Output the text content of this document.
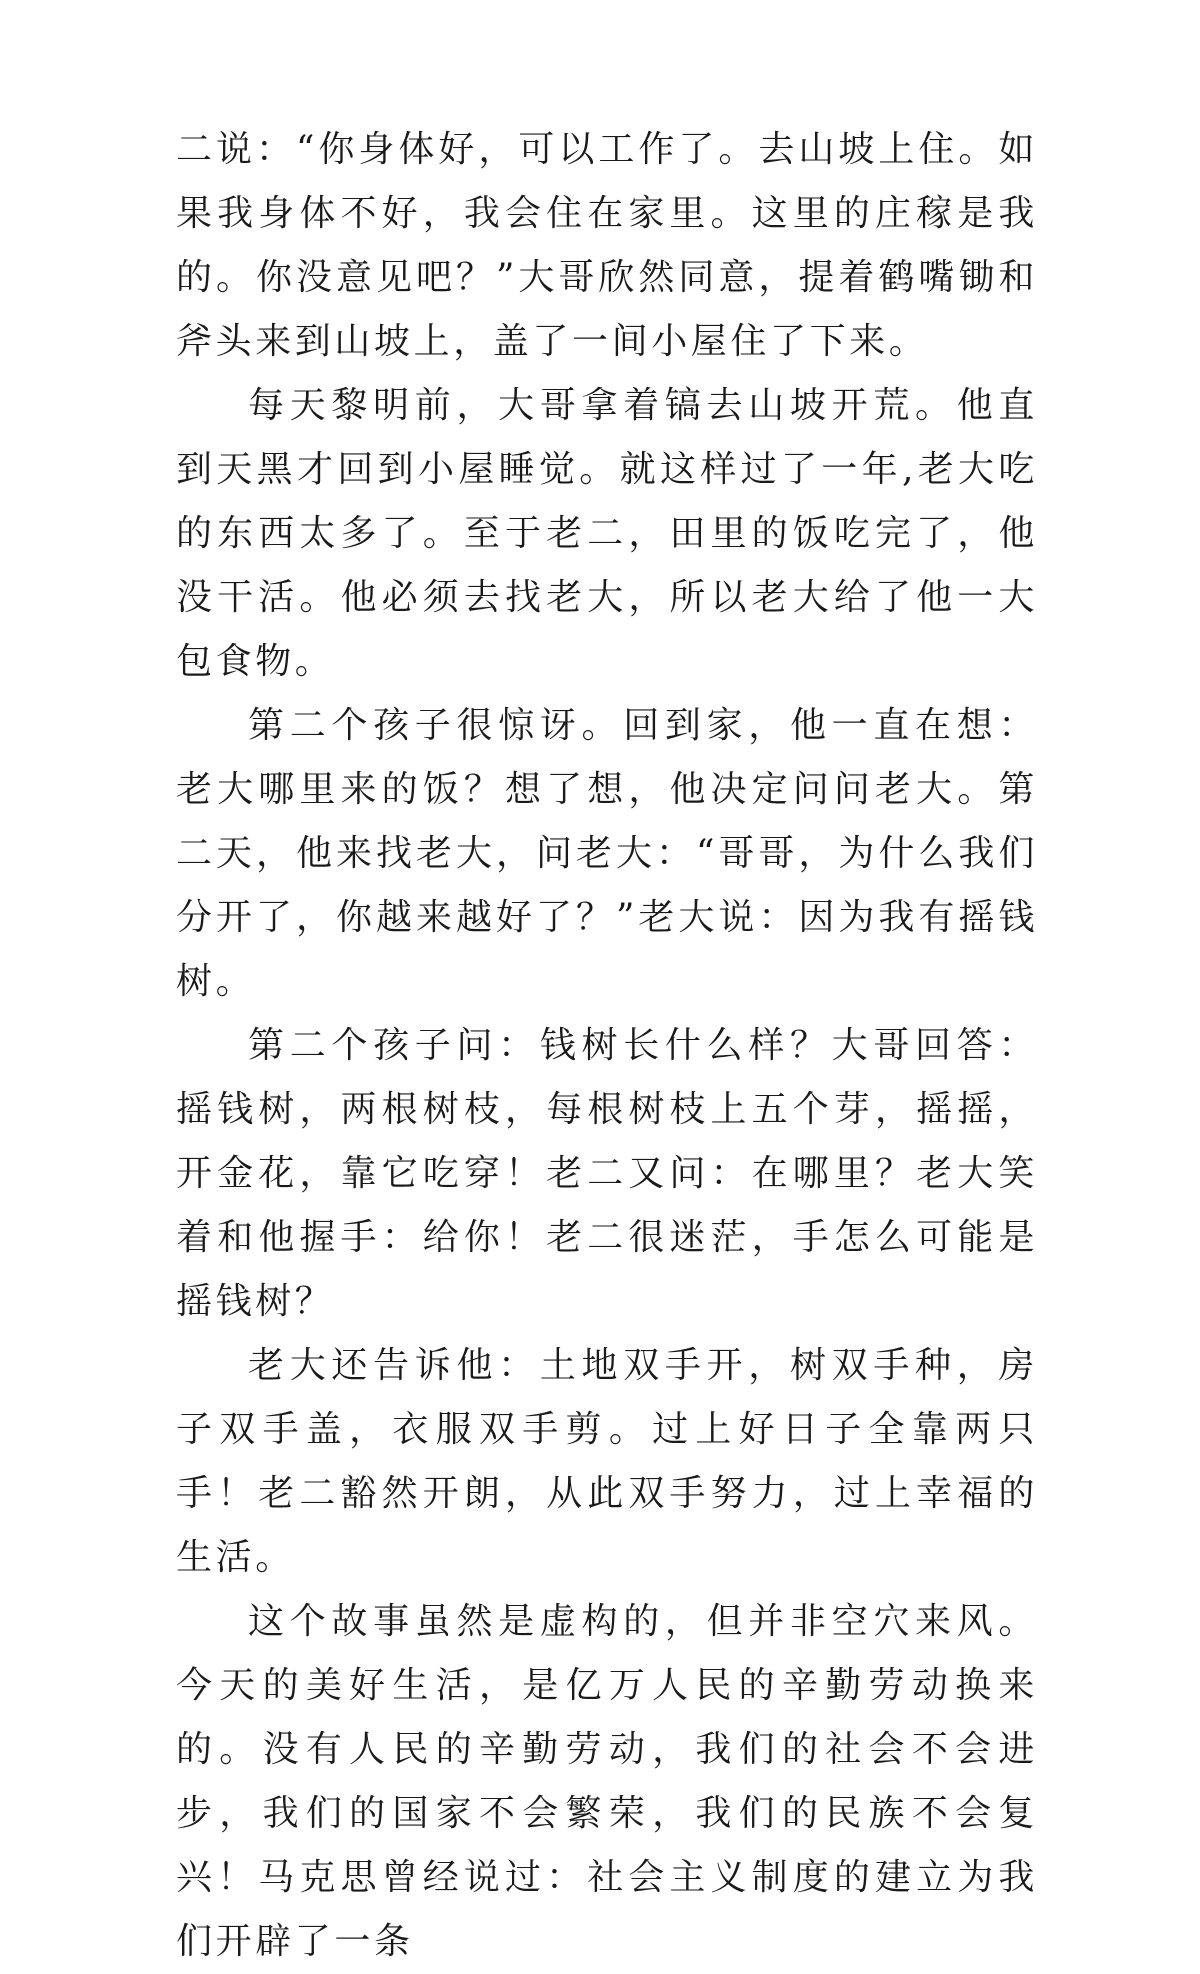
二说：“你身体好，可以工作了。去山坡上住。如果我身体不好，我会住在家里。这里的庄稼是我的。你没意见吧？”大哥欣然同意，提着鹤嘴锄和斧头来到山坡上，盖了一间小屋住了下来。

每天黎明前，大哥拿着镐去山坡开荒。他直到天黑才回到小屋睡觉。就这样过了一年,老大吃的东西太多了。至于老二，田里的饭吃完了，他没干活。他必须去找老大，所以老大给了他一大包食物。

第二个孩子很惊讶。回到家，他一直在想：老大哪里来的饭？想了想，他决定问问老大。第二天，他来找老大，问老大：“哥哥，为什么我们分开了，你越来越好了？”老大说：因为我有摇钱树。

第二个孩子问：钱树长什么样？大哥回答：摇钱树，两根树枝，每根树枝上五个芽，摇摇，开金花，靠它吃穿！老二又问：在哪里？老大笑着和他握手：给你！老二很迷茫，手怎么可能是摇钱树？

老大还告诉他：土地双手开，树双手种，房子双手盖，衣服双手剪。过上好日子全靠两只手！老二豁然开朗，从此双手努力，过上幸福的生活。

这个故事虽然是虚构的，但并非空穴来风。今天的美好生活，是亿万人民的辛勤劳动换来的。没有人民的辛勤劳动，我们的社会不会进步，我们的国家不会繁荣，我们的民族不会复兴！马克思曾经说过：社会主义制度的建立为我们开辟了一条
